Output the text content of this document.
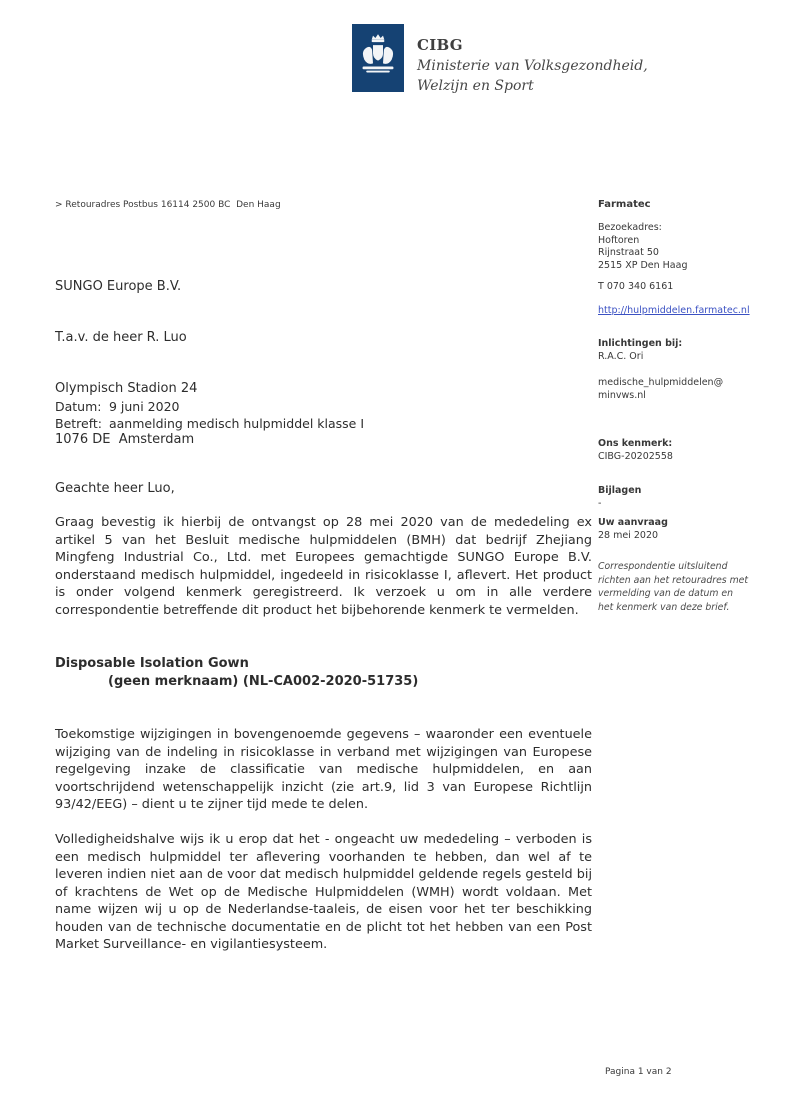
CIBG
Ministerie van Volksgezondheid,
Welzijn en Sport
> Retouradres Postbus 16114 2500 BC  Den Haag

SUNGO Europe B.V.

T.a.v. de heer R. Luo

Olympisch Stadion 24

1076 DE  Amsterdam

Datum: 9 juni 2020
Betreft: aanmelding medisch hulpmiddel klasse I
Geachte heer Luo,
Graag bevestig ik hierbij de ontvangst op 28 mei 2020 van de mededeling ex artikel 5 van het Besluit medische hulpmiddelen (BMH) dat bedrijf Zhejiang Mingfeng Industrial Co., Ltd. met Europees gemachtigde SUNGO Europe B.V. onderstaand medisch hulpmiddel, ingedeeld in risicoklasse I, aflevert. Het product is onder volgend kenmerk geregistreerd. Ik verzoek u om in alle verdere correspondentie betreffende dit product het bijbehorende kenmerk te vermelden.
Disposable Isolation Gown
(geen merknaam) (NL-CA002-2020-51735)
Toekomstige wijzigingen in bovengenoemde gegevens – waaronder een eventuele wijziging van de indeling in risicoklasse in verband met wijzigingen van Europese regelgeving inzake de classificatie van medische hulpmiddelen, en aan voortschrijdend wetenschappelijk inzicht (zie art.9, lid 3 van Europese Richtlijn 93/42/EEG) – dient u te zijner tijd mede te delen.
Volledigheidshalve wijs ik u erop dat het - ongeacht uw mededeling – verboden is een medisch hulpmiddel ter aflevering voorhanden te hebben, dan wel af te leveren indien niet aan de voor dat medisch hulpmiddel geldende regels gesteld bij of krachtens de Wet op de Medische Hulpmiddelen (WMH) wordt voldaan. Met name wijzen wij u op de Nederlandse-taaleis, de eisen voor het ter beschikking houden van de technische documentatie en de plicht tot het hebben van een Post Market Surveillance- en vigilantiesysteem.
Farmatec
Bezoekadres:
Hoftoren
Rijnstraat 50
2515 XP Den Haag
T 070 340 6161
http://hulpmiddelen.farmatec.nl
Inlichtingen bij:
R.A.C. Ori
medische_hulpmiddelen@
minvws.nl
Ons kenmerk:
CIBG-20202558
Bijlagen
-
Uw aanvraag
28 mei 2020
Correspondentie uitsluitend richten aan het retouradres met vermelding van de datum en het kenmerk van deze brief.
Pagina 1 van 2
